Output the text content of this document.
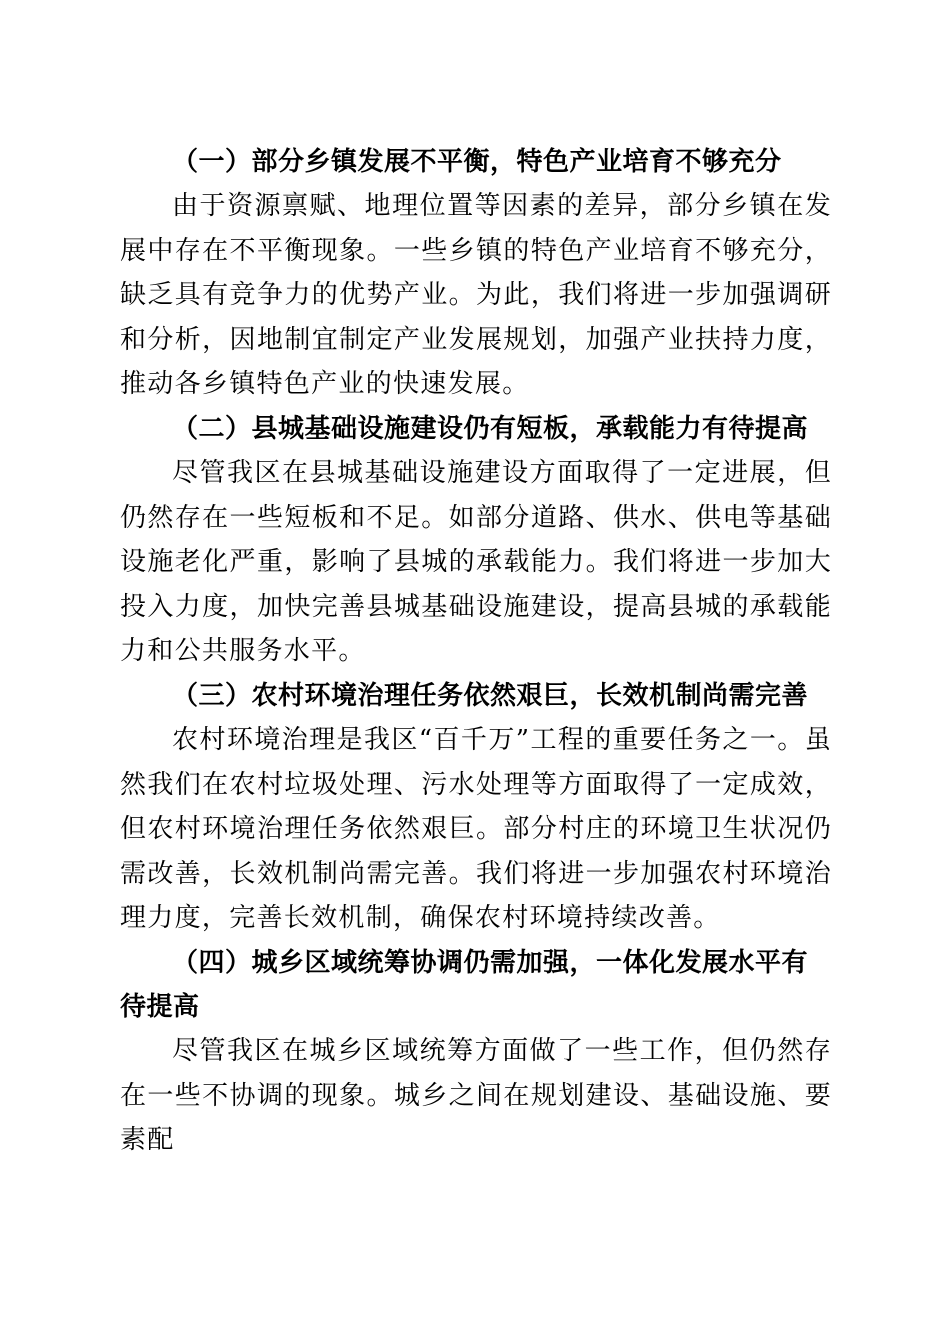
（一）部分乡镇发展不平衡，特色产业培育不够充分

由于资源禀赋、地理位置等因素的差异，部分乡镇在发展中存在不平衡现象。一些乡镇的特色产业培育不够充分，缺乏具有竞争力的优势产业。为此，我们将进一步加强调研和分析，因地制宜制定产业发展规划，加强产业扶持力度，推动各乡镇特色产业的快速发展。

（二）县城基础设施建设仍有短板，承载能力有待提高

尽管我区在县城基础设施建设方面取得了一定进展，但仍然存在一些短板和不足。如部分道路、供水、供电等基础设施老化严重，影响了县城的承载能力。我们将进一步加大投入力度，加快完善县城基础设施建设，提高县城的承载能力和公共服务水平。

（三）农村环境治理任务依然艰巨，长效机制尚需完善

农村环境治理是我区“百千万”工程的重要任务之一。虽然我们在农村垃圾处理、污水处理等方面取得了一定成效，但农村环境治理任务依然艰巨。部分村庄的环境卫生状况仍需改善，长效机制尚需完善。我们将进一步加强农村环境治理力度，完善长效机制，确保农村环境持续改善。

（四）城乡区域统筹协调仍需加强，一体化发展水平有待提高

尽管我区在城乡区域统筹方面做了一些工作，但仍然存在一些不协调的现象。城乡之间在规划建设、基础设施、要素配
